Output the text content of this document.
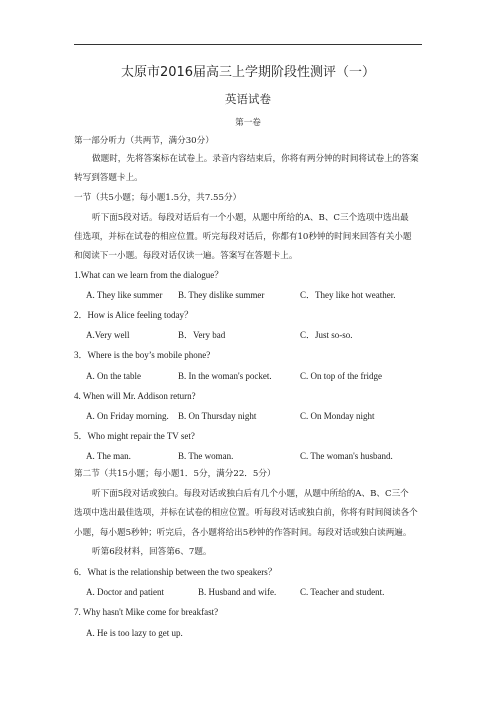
太原市2016届高三上学期阶段性测评（一）
英语试卷
第一卷
第一部分听力（共两节，满分30分）
做题时，先将答案标在试卷上。录音内容结束后，你将有两分钟的时间将试卷上的答案
转写到答题卡上。
一节（共5小题；每小题1.5分，共7.55分）
听下面5段对话。每段对话后有一个小题，从题中所给的A、B、C三个选项中选出最
佳选项，并标在试卷的相应位置。听完每段对话后，你都有10秒钟的时间来回答有关小题
和阅读下一小题。每段对话仅读一遍。答案写在答题卡上。
1.What can we learn from the dialogue？
A. They like summer B. They dislike summer	C．They like hot weather.
2．How is Alice feeling today？
A.Very well	B．Very bad	C．Just so-so.
3．Where is the boy’s mobile phone?
A. On the table	B. In the woman's pocket.	C. On top of the fridge
4. When will Mr. Addison return?
A. On Friday morning. B. On Thursday night	C. On Monday night
5．Who might repair the TV set?
A. The man.	B. The woman.	C. The woman's husband.
第二节（共15小题；每小题1．5分，满分22．5分）
听下面5段对话或独白。每段对话或独白后有几个小题，从题中所给的A、B、C三个
选项中选出最佳选项，并标在试卷的相应位置。听每段对话或独白前，你将有时间阅读各个
小题，每小题5秒钟；听完后，各小题将给出5秒钟的作答时间。每段对话或独白读两遍。
听第6段材料，回答第6、7题。
6．What is the relationship between the two speakers？
A. Doctor and patient	B. Husband and wife.	C. Teacher and student.
7. Why hasn't Mike come for breakfast?
A. He is too lazy to get up.
